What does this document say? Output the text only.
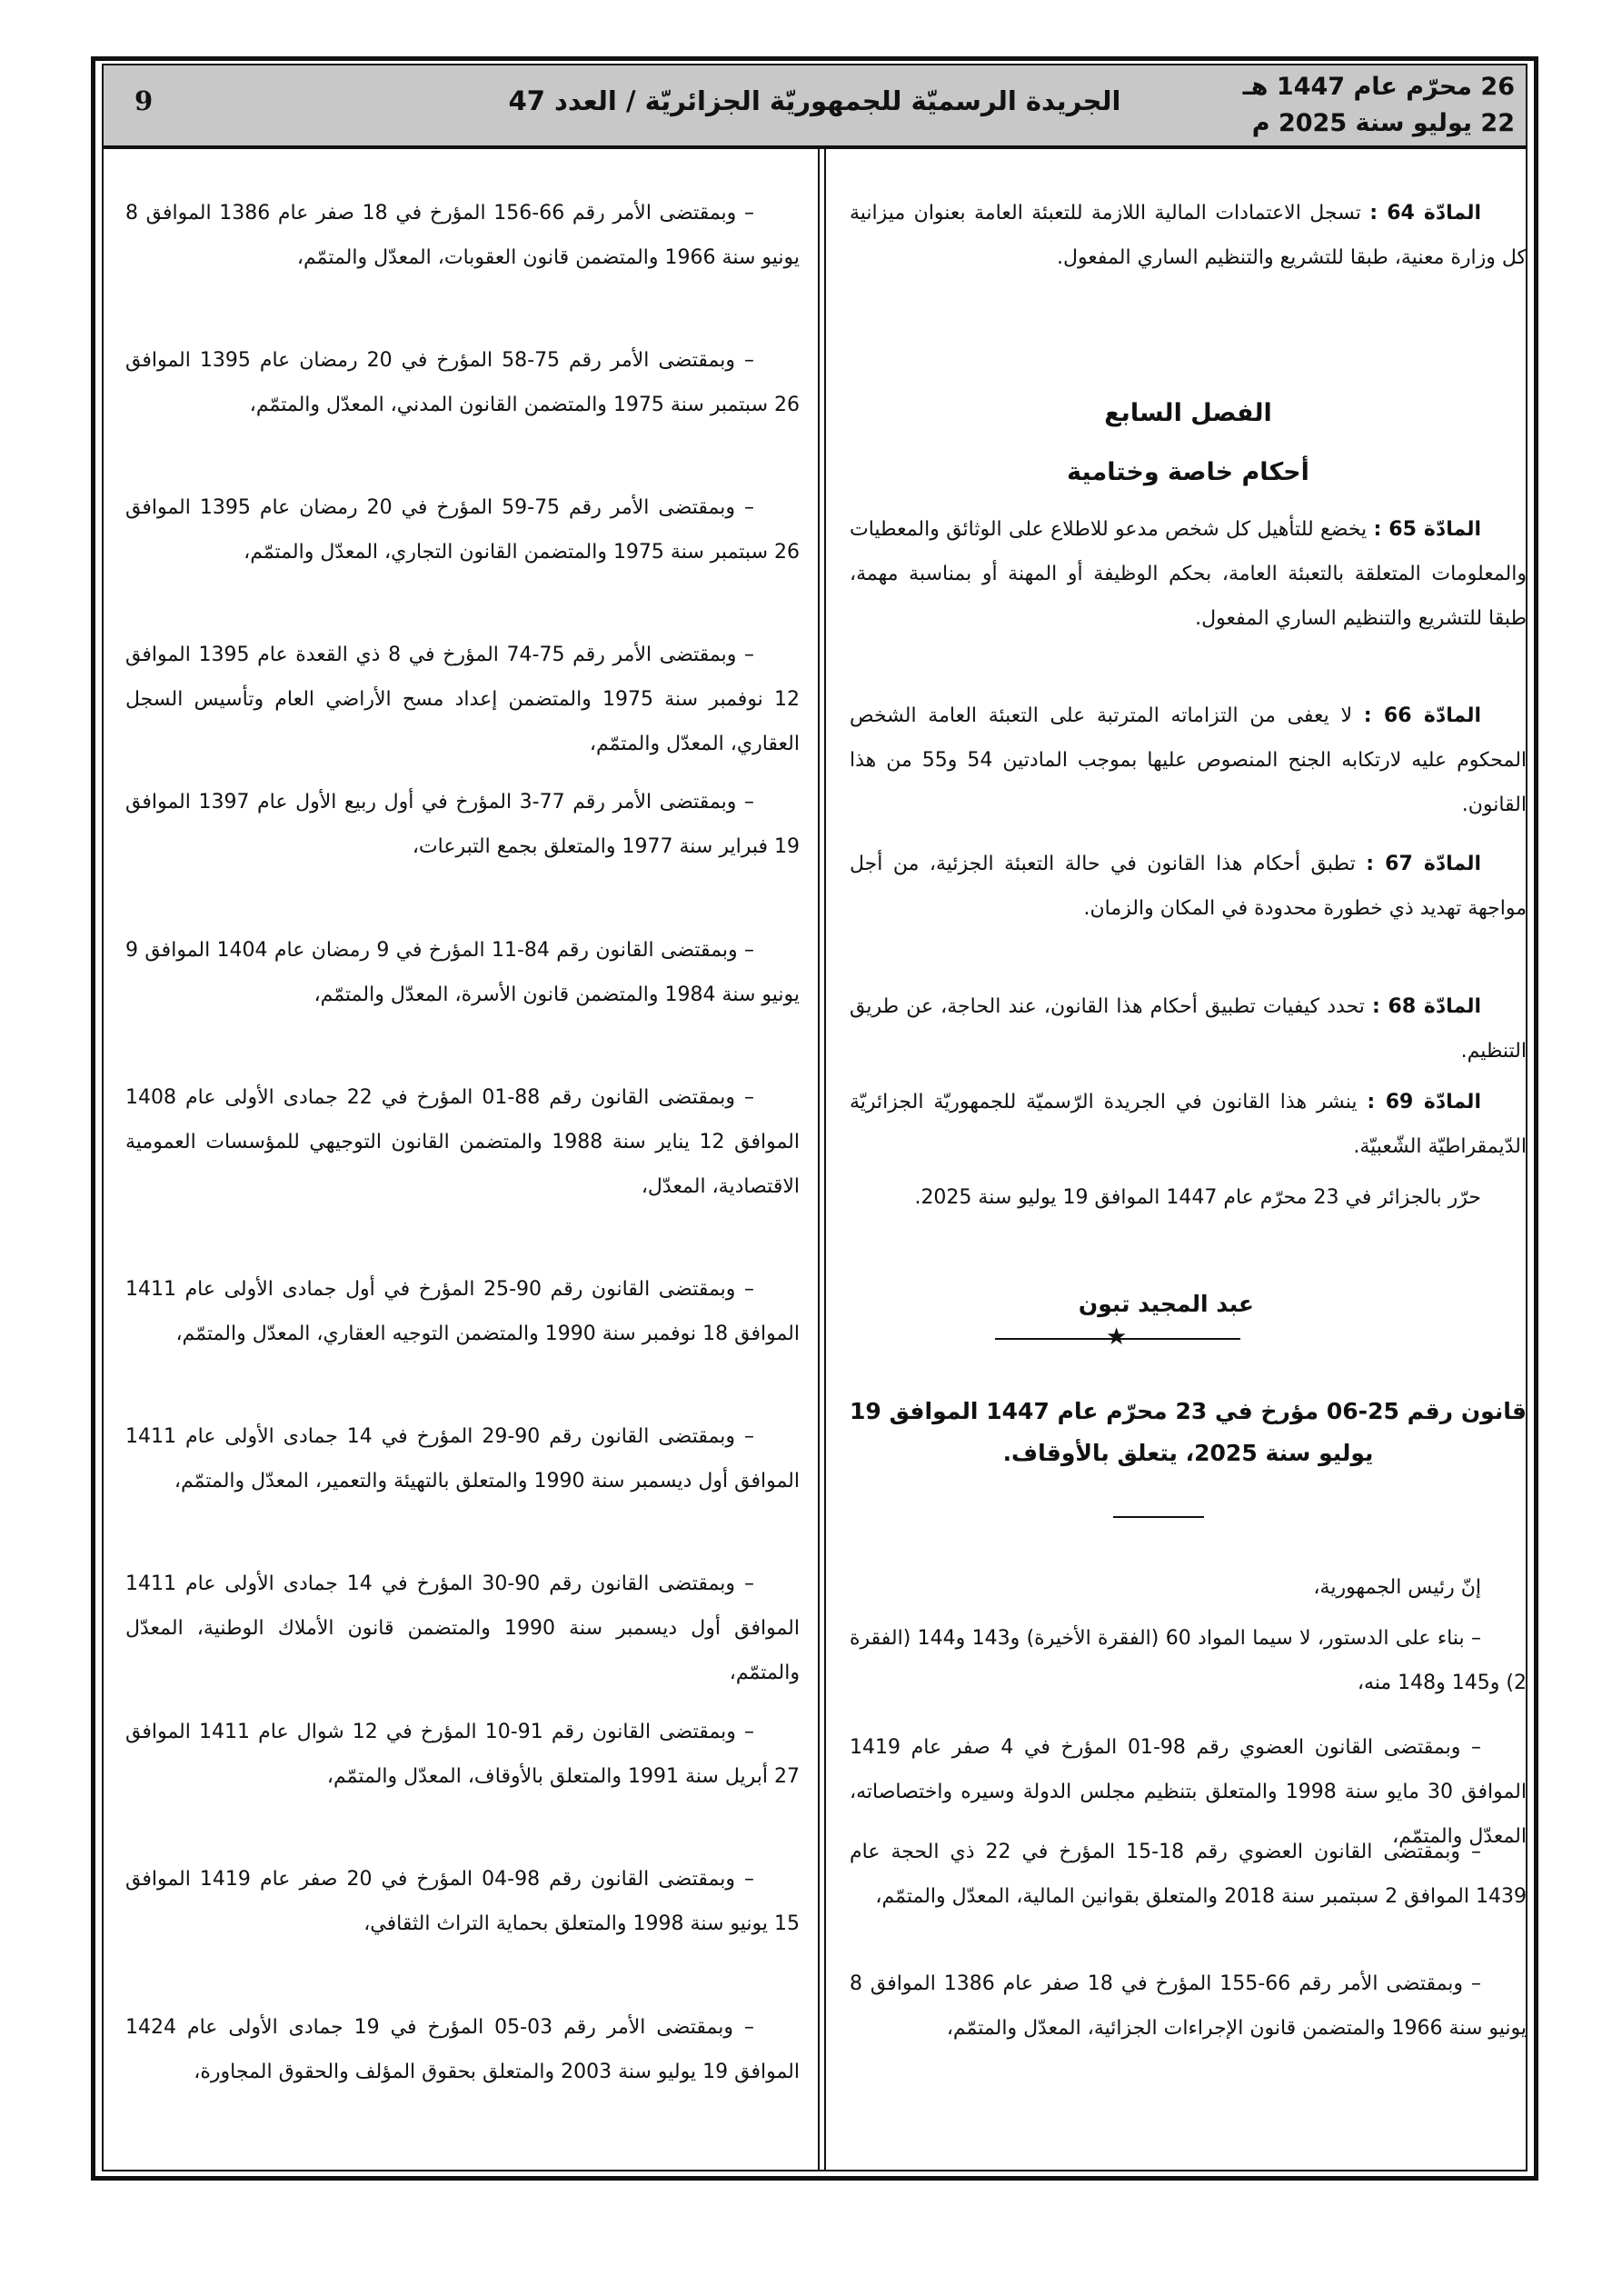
26 محرّم عام 1447 هـ
22 يوليو سنة 2025 م
الجريدة الرسميّة للجمهوريّة الجزائريّة / العدد 47
9

المادّة 64 : تسجل الاعتمادات المالية اللازمة للتعبئة العامة بعنوان ميزانية كل وزارة معنية، طبقا للتشريع والتنظيم الساري المفعول.

الفصل السابع
أحكام خاصة وختامية

المادّة 65 : يخضع للتأهيل كل شخص مدعو للاطلاع على الوثائق والمعطيات والمعلومات المتعلقة بالتعبئة العامة، بحكم الوظيفة أو المهنة أو بمناسبة مهمة، طبقا للتشريع والتنظيم الساري المفعول.

المادّة 66 : لا يعفى من التزاماته المترتبة على التعبئة العامة الشخص المحكوم عليه لارتكابه الجنح المنصوص عليها بموجب المادتين 54 و55 من هذا القانون.

المادّة 67 : تطبق أحكام هذا القانون في حالة التعبئة الجزئية، من أجل مواجهة تهديد ذي خطورة محدودة في المكان والزمان.

المادّة 68 : تحدد كيفيات تطبيق أحكام هذا القانون، عند الحاجة، عن طريق التنظيم.

المادّة 69 : ينشر هذا القانون في الجريدة الرّسميّة للجمهوريّة الجزائريّة الدّيمقراطيّة الشّعبيّة.

حرّر بالجزائر في 23 محرّم عام 1447 الموافق 19 يوليو سنة 2025.

عبد المجيد تبون
★
قانون رقم 25-06 مؤرخ في 23 محرّم عام 1447 الموافق 19 يوليو سنة 2025، يتعلق بالأوقاف.

إنّ رئيس الجمهورية،

– بناء على الدستور، لا سيما المواد 60 (الفقرة الأخيرة) و143 و144 (الفقرة 2) و145 و148 منه،

– وبمقتضى القانون العضوي رقم 98-01 المؤرخ في 4 صفر عام 1419 الموافق 30 مايو سنة 1998 والمتعلق بتنظيم مجلس الدولة وسيره واختصاصاته، المعدّل والمتمّم،

– وبمقتضى القانون العضوي رقم 18-15 المؤرخ في 22 ذي الحجة عام 1439 الموافق 2 سبتمبر سنة 2018 والمتعلق بقوانين المالية، المعدّل والمتمّم،

– وبمقتضى الأمر رقم 66-155 المؤرخ في 18 صفر عام 1386 الموافق 8 يونيو سنة 1966 والمتضمن قانون الإجراءات الجزائية، المعدّل والمتمّم،

– وبمقتضى الأمر رقم 66-156 المؤرخ في 18 صفر عام 1386 الموافق 8 يونيو سنة 1966 والمتضمن قانون العقوبات، المعدّل والمتمّم،

– وبمقتضى الأمر رقم 75-58 المؤرخ في 20 رمضان عام 1395 الموافق 26 سبتمبر سنة 1975 والمتضمن القانون المدني، المعدّل والمتمّم،

– وبمقتضى الأمر رقم 75-59 المؤرخ في 20 رمضان عام 1395 الموافق 26 سبتمبر سنة 1975 والمتضمن القانون التجاري، المعدّل والمتمّم،

– وبمقتضى الأمر رقم 75-74 المؤرخ في 8 ذي القعدة عام 1395 الموافق 12 نوفمبر سنة 1975 والمتضمن إعداد مسح الأراضي العام وتأسيس السجل العقاري، المعدّل والمتمّم،

– وبمقتضى الأمر رقم 77-3 المؤرخ في أول ربيع الأول عام 1397 الموافق 19 فبراير سنة 1977 والمتعلق بجمع التبرعات،

– وبمقتضى القانون رقم 84-11 المؤرخ في 9 رمضان عام 1404 الموافق 9 يونيو سنة 1984 والمتضمن قانون الأسرة، المعدّل والمتمّم،

– وبمقتضى القانون رقم 88-01 المؤرخ في 22 جمادى الأولى عام 1408 الموافق 12 يناير سنة 1988 والمتضمن القانون التوجيهي للمؤسسات العمومية الاقتصادية، المعدّل،

– وبمقتضى القانون رقم 90-25 المؤرخ في أول جمادى الأولى عام 1411 الموافق 18 نوفمبر سنة 1990 والمتضمن التوجيه العقاري، المعدّل والمتمّم،

– وبمقتضى القانون رقم 90-29 المؤرخ في 14 جمادى الأولى عام 1411 الموافق أول ديسمبر سنة 1990 والمتعلق بالتهيئة والتعمير، المعدّل والمتمّم،

– وبمقتضى القانون رقم 90-30 المؤرخ في 14 جمادى الأولى عام 1411 الموافق أول ديسمبر سنة 1990 والمتضمن قانون الأملاك الوطنية، المعدّل والمتمّم،

– وبمقتضى القانون رقم 91-10 المؤرخ في 12 شوال عام 1411 الموافق 27 أبريل سنة 1991 والمتعلق بالأوقاف، المعدّل والمتمّم،

– وبمقتضى القانون رقم 98-04 المؤرخ في 20 صفر عام 1419 الموافق 15 يونيو سنة 1998 والمتعلق بحماية التراث الثقافي،

– وبمقتضى الأمر رقم 03-05 المؤرخ في 19 جمادى الأولى عام 1424 الموافق 19 يوليو سنة 2003 والمتعلق بحقوق المؤلف والحقوق المجاورة،
